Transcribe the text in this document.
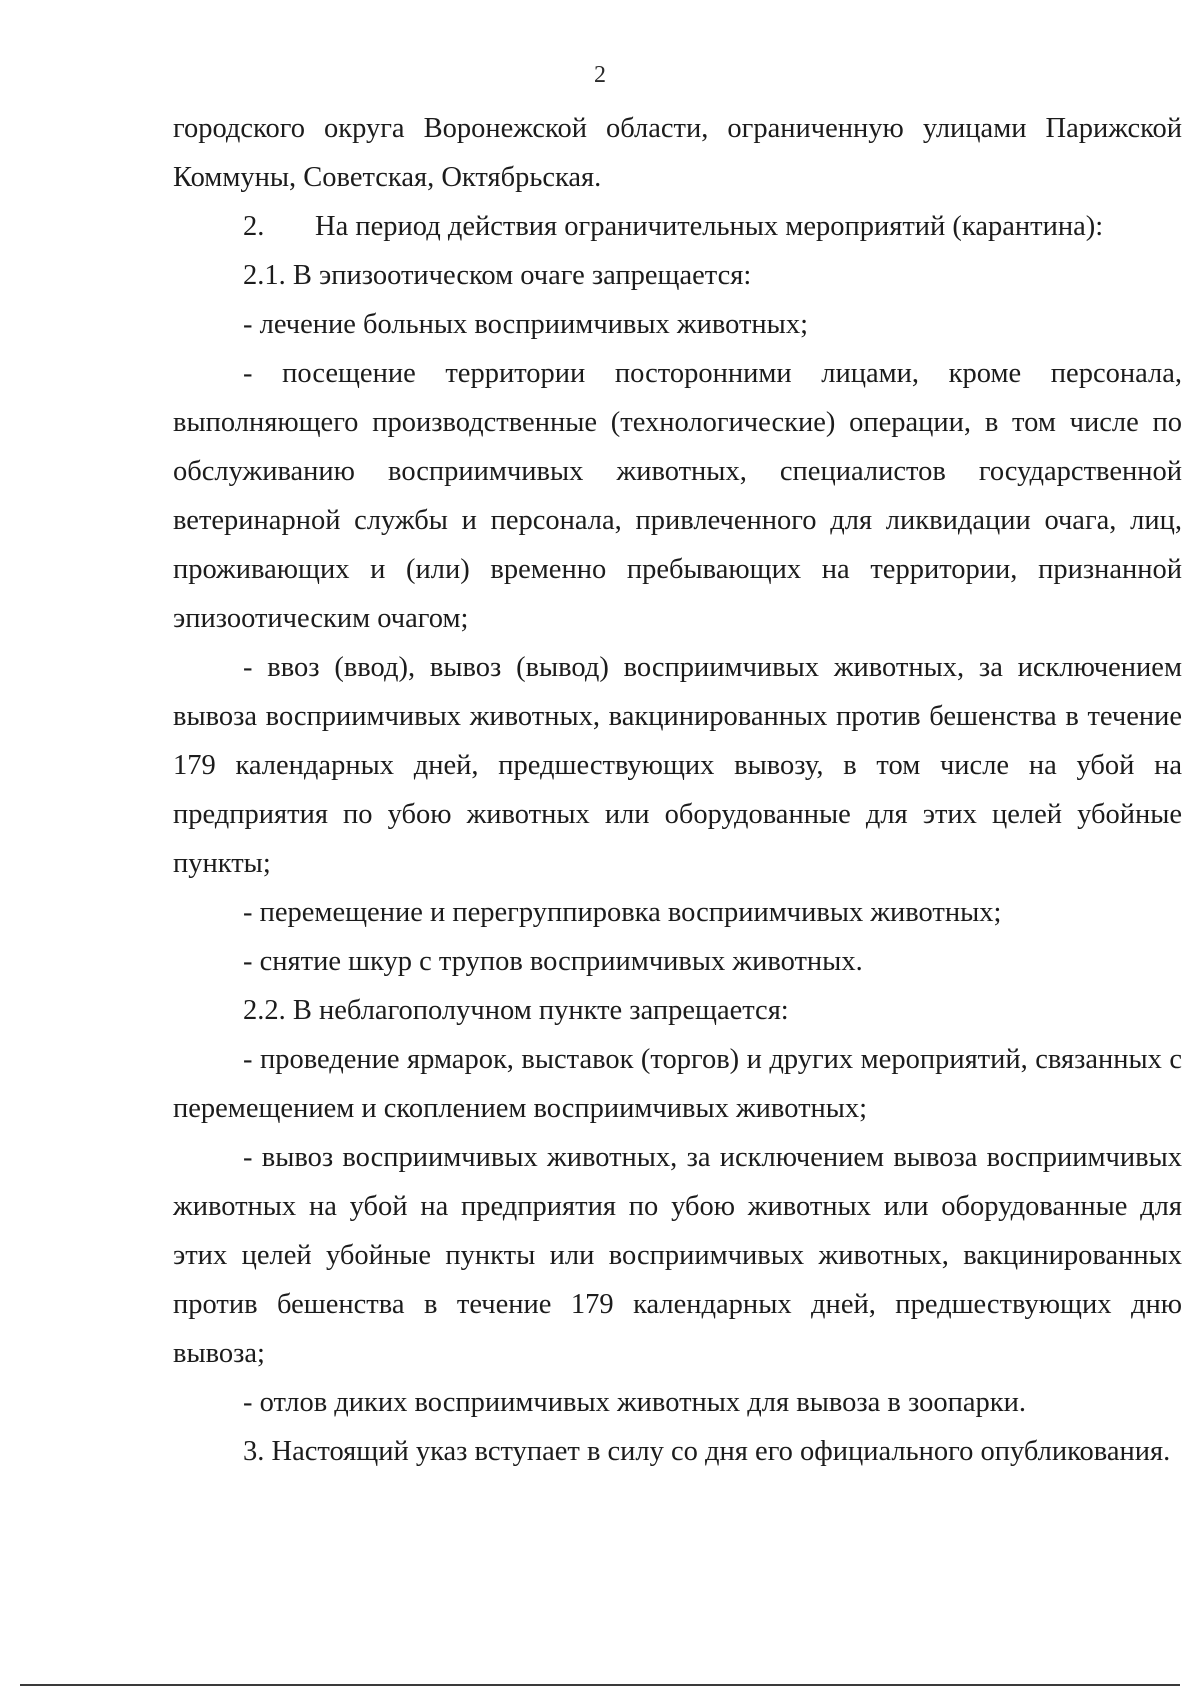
2

городского округа Воронежской области, ограниченную улицами Парижской Коммуны, Советская, Октябрьская.

2. На период действия ограничительных мероприятий (карантина):

2.1. В эпизоотическом очаге запрещается:

- лечение больных восприимчивых животных;

- посещение территории посторонними лицами, кроме персонала, выполняющего производственные (технологические) операции, в том числе по обслуживанию восприимчивых животных, специалистов государственной ветеринарной службы и персонала, привлеченного для ликвидации очага, лиц, проживающих и (или) временно пребывающих на территории, признанной эпизоотическим очагом;

- ввоз (ввод), вывоз (вывод) восприимчивых животных, за исключением вывоза восприимчивых животных, вакцинированных против бешенства в течение 179 календарных дней, предшествующих вывозу, в том числе на убой на предприятия по убою животных или оборудованные для этих целей убойные пункты;

- перемещение и перегруппировка восприимчивых животных;

- снятие шкур с трупов восприимчивых животных.

2.2. В неблагополучном пункте запрещается:

- проведение ярмарок, выставок (торгов) и других мероприятий, связанных с перемещением и скоплением восприимчивых животных;

- вывоз восприимчивых животных, за исключением вывоза восприимчивых животных на убой на предприятия по убою животных или оборудованные для этих целей убойные пункты или восприимчивых животных, вакцинированных против бешенства в течение 179 календарных дней, предшествующих дню вывоза;

- отлов диких восприимчивых животных для вывоза в зоопарки.

3. Настоящий указ вступает в силу со дня его официального опубликования.
